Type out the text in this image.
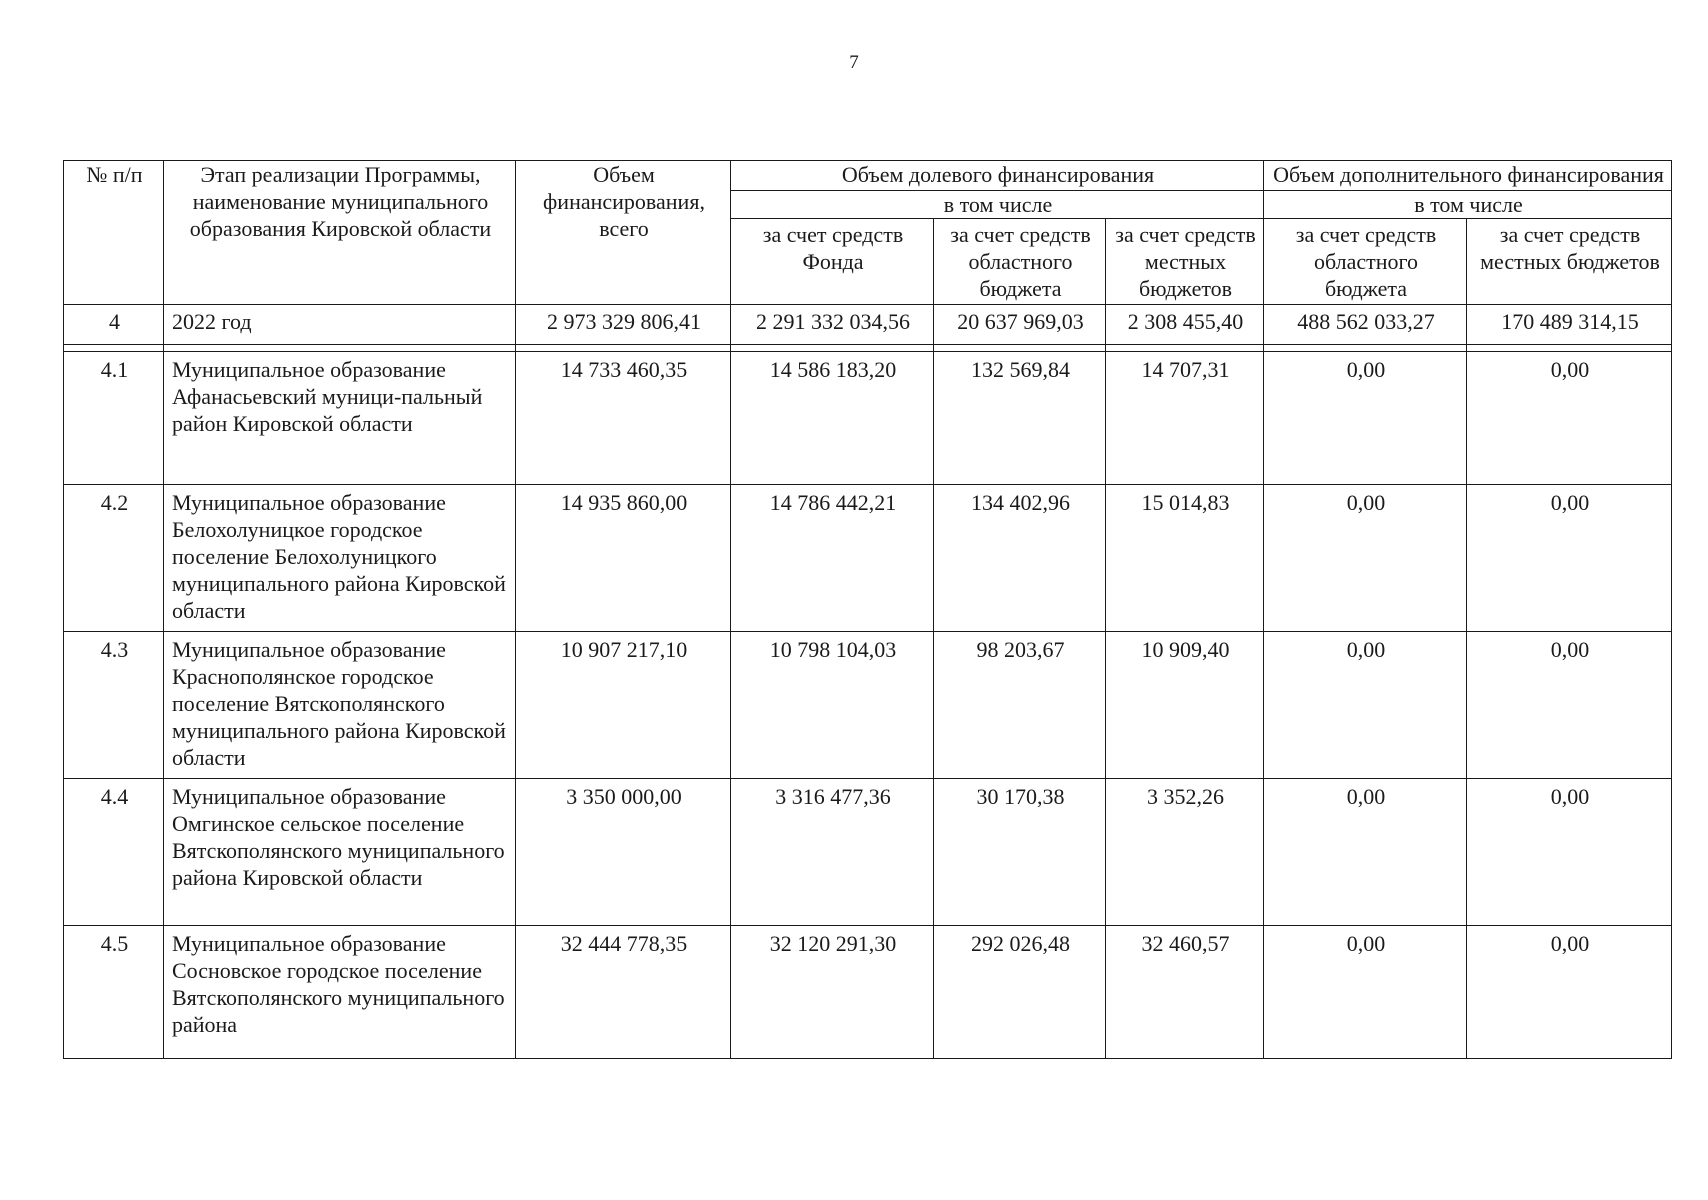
7
№ п/п	Этап реализации Программы, наименование муниципального образования Кировской области	Объем финансирования, всего	Объем долевого финансирования			Объем дополнительного финансирования	
			в том числе			в том числе	
			за счет средств Фонда	за счет средств областного бюджета	за счет средств местных бюджетов	за счет средств областного бюджета	за счет средств местных бюджетов
4	2022 год	2 973 329 806,41	2 291 332 034,56	20 637 969,03	2 308 455,40	488 562 033,27	170 489 314,15

4.1	Муниципальное образование Афанасьевский муници-пальный район Кировской области	14 733 460,35	14 586 183,20	132 569,84	14 707,31	0,00	0,00
4.2	Муниципальное образование Белохолуницкое городское поселение Белохолуницкого муниципального района Кировской области	14 935 860,00	14 786 442,21	134 402,96	15 014,83	0,00	0,00
4.3	Муниципальное образование Краснополянское городское поселение Вятскополянского муниципального района Кировской области	10 907 217,10	10 798 104,03	98 203,67	10 909,40	0,00	0,00
4.4	Муниципальное образование Омгинское сельское поселение Вятскополянского муниципального района Кировской области	3 350 000,00	3 316 477,36	30 170,38	3 352,26	0,00	0,00
4.5	Муниципальное образование Сосновское городское поселение Вятскополянского муниципального района	32 444 778,35	32 120 291,30	292 026,48	32 460,57	0,00	0,00
